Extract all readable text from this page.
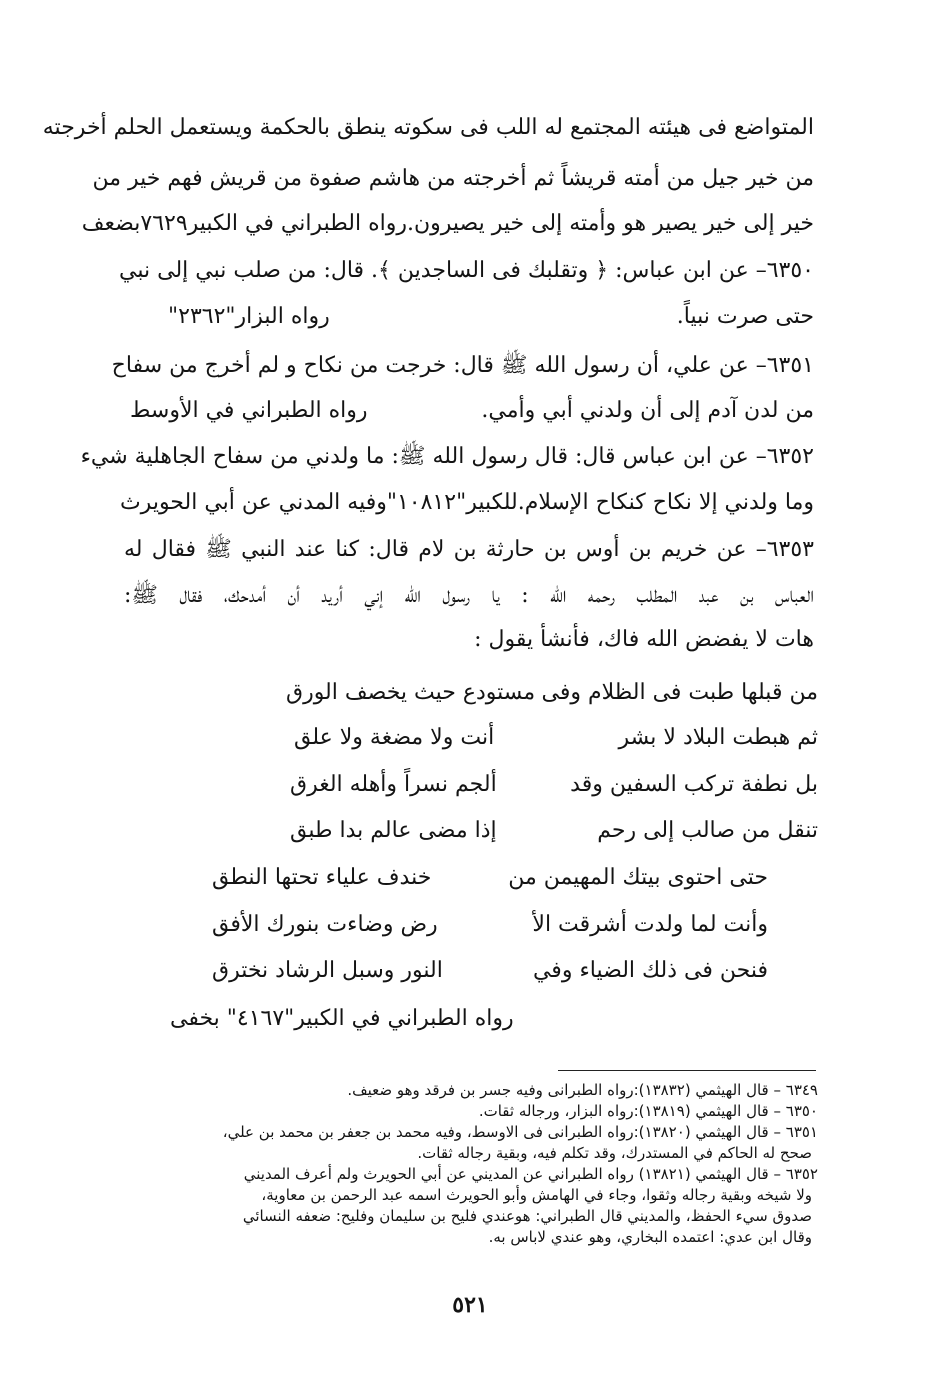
المتواضع فى هيئته المجتمع له اللب فى سكوته ينطق بالحكمة ويستعمل الحلم أخرجته
من خير جيل من أمته قريشاً ثم أخرجته من هاشم صفوة من قريش فهم خير من
خير إلى خير يصير هو وأمته إلى خير يصيرون.رواه الطبراني في الكبير٧٦٢٩بضعف
٦٣٥٠– عن ابن عباس: ﴿ وتقلبك فى الساجدين ﴾. قال: من صلب نبي إلى نبي
حتى صرت نبياً.
رواه البزار"٢٣٦٢"
٦٣٥١– عن علي، أن رسول الله ﷺ قال: خرجت من نكاح و لم أخرج من سفاح
من لدن آدم إلى أن ولدني أبي وأمي.
رواه الطبراني في الأوسط
٦٣٥٢– عن ابن عباس قال: قال رسول الله ﷺ: ما ولدني من سفاح الجاهلية شيء
وما ولدني إلا نكاح كنكاح الإسلام.للكبير"١٠٨١٢"وفيه المدني عن أبي الحويرث
٦٣٥٣– عن خريم بن أوس بن حارثة بن لام قال: كنا عند النبي ﷺ فقال له
العباس بن عبد المطلب رحمه الله : يا رسول الله إني أريد أن أمدحك، فقال ﷺ:
هات لا يفضض الله فاك، فأنشأ يقول :
من قبلها طبت فى الظلام وفى
مستودع حيث يخصف الورق
ثم هبطت البلاد لا بشر
أنت ولا مضغة ولا علق
بل نطفة تركب السفين وقد
ألجم نسراً وأهله الغرق
تنقل من صالب إلى رحم
إذا مضى عالم بدا طبق
حتى احتوى بيتك المهيمن من
خندف علياء تحتها النطق
وأنت لما ولدت أشرقت الأ
رض وضاءت بنورك الأفق
فنحن فى ذلك الضياء وفي
النور وسبل الرشاد نخترق
رواه الطبراني في الكبير"٤١٦٧" بخفى
٦٣٤٩ – قال الهيثمي (١٣٨٣٢):رواه الطبرانى وفيه جسر بن فرقد وهو ضعيف.
٦٣٥٠ – قال الهيثمي (١٣٨١٩):رواه البزار، ورجاله ثقات.
٦٣٥١ – قال الهيثمي (١٣٨٢٠):رواه الطبرانى فى الاوسط، وفيه محمد بن جعفر بن محمد بن علي،
صحح له الحاكم في المستدرك، وقد تكلم فيه، وبقية رجاله ثقات.
٦٣٥٢ – قال الهيثمي (١٣٨٢١) رواه الطبراني عن المديني عن أبي الحويرث ولم أعرف المديني
ولا شيخه وبقية رجاله وثقوا، وجاء في الهامش وأبو الحويرث اسمه عبد الرحمن بن معاوية،
صدوق سيء الحفظ، والمديني قال الطبراني: هوعندي فليح بن سليمان وفليح: ضعفه النسائي
وقال ابن عدي: اعتمده البخاري، وهو عندي لاباس به.
٥٢١
